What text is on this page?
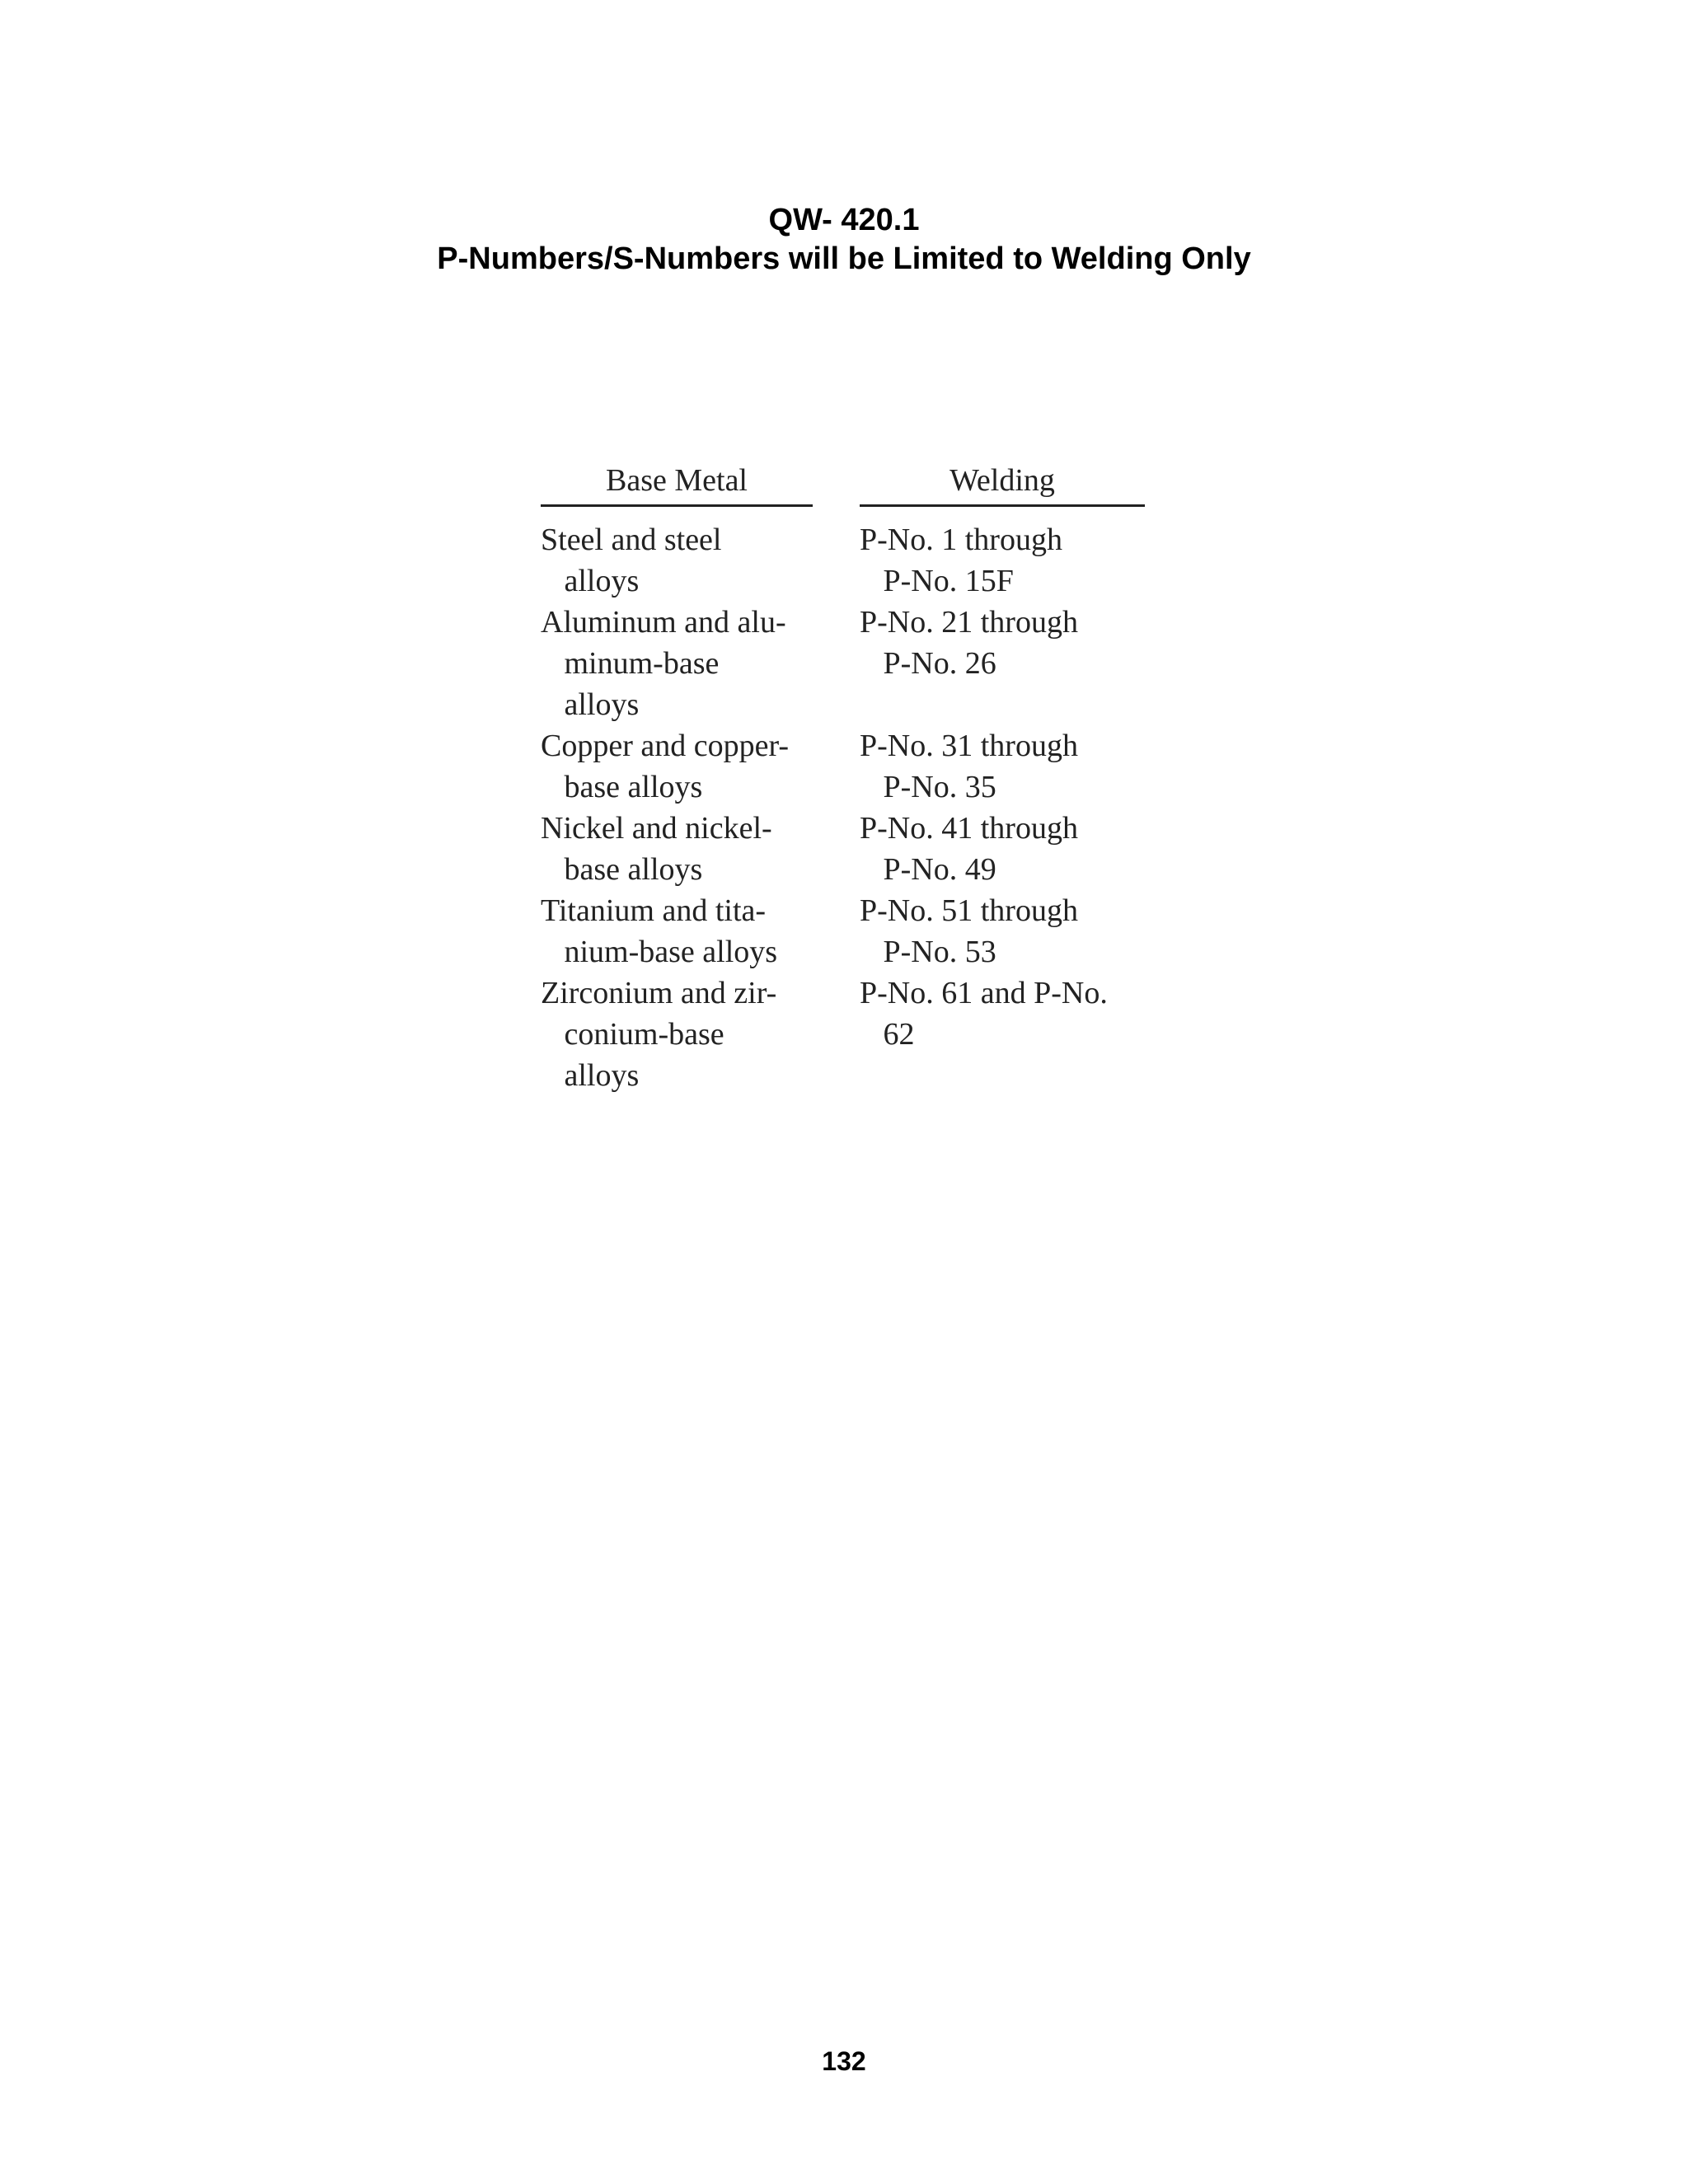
QW- 420.1
P-Numbers/S-Numbers will be Limited to Welding Only
Base Metal	Welding
Steel and steel
alloys
P-No. 1 through
P-No. 15F
Aluminum and alu-
minum-base
alloys
P-No. 21 through
P-No. 26
Copper and copper-
base alloys
P-No. 31 through
P-No. 35
Nickel and nickel-
base alloys
P-No. 41 through
P-No. 49
Titanium and tita-
nium-base alloys
P-No. 51 through
P-No. 53
Zirconium and zir-
conium-base
alloys
P-No. 61 and P-No.
62
132
